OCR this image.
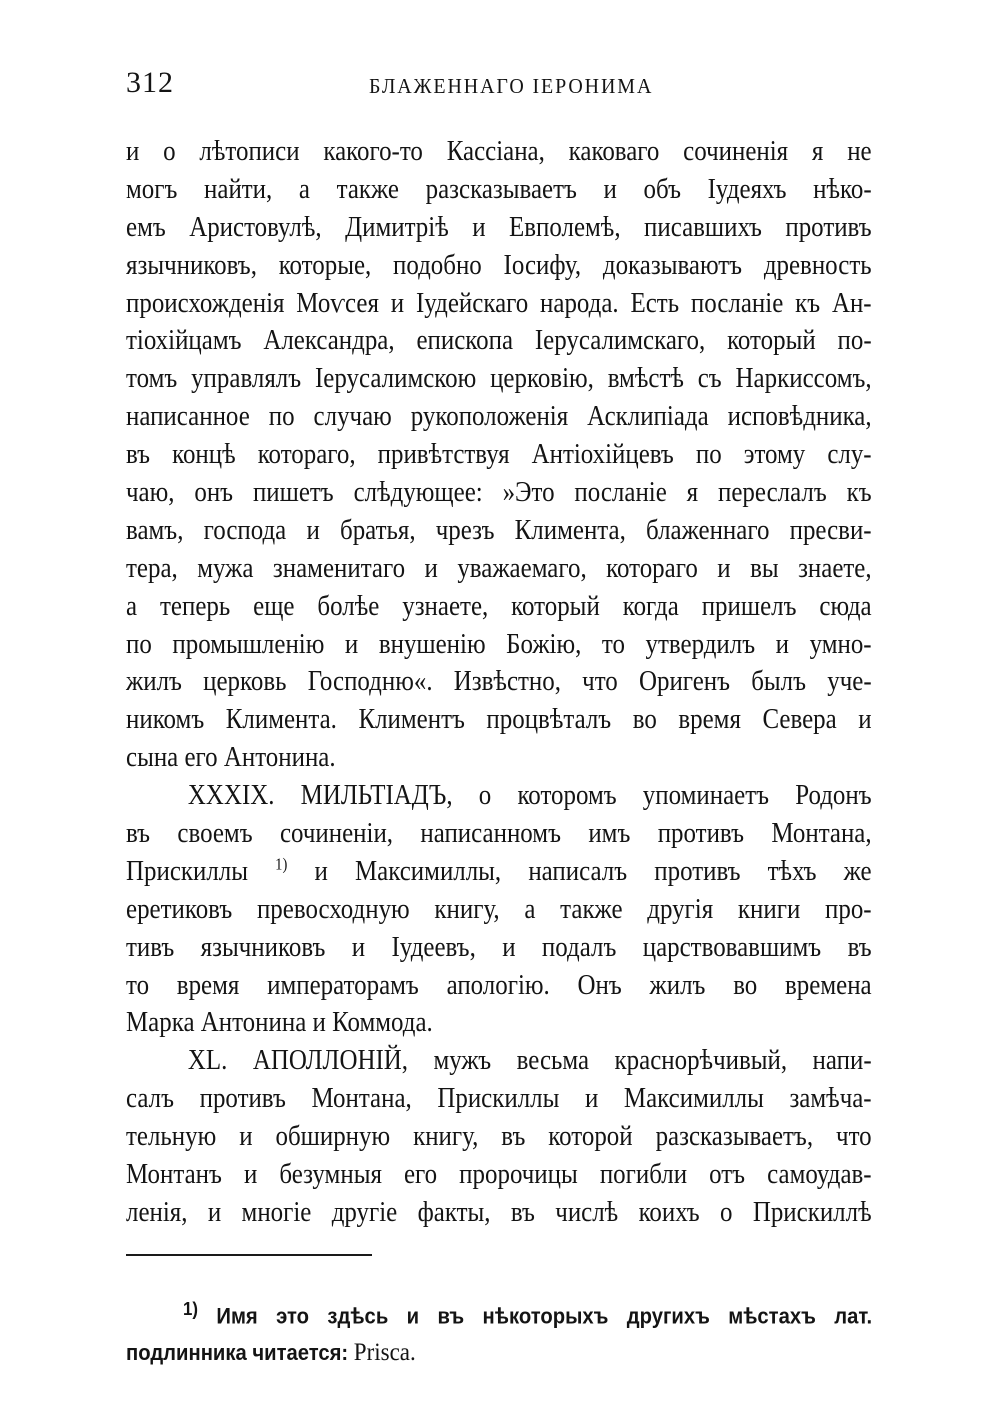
312	БЛАЖЕННАГО ІЕРОНИМА
и о лѣтописи какого-то Кассіана, каковаго сочиненія я не
могъ найти, а также разсказываетъ и объ Іудеяхъ нѣко-
емъ Аристовулѣ, Димитріѣ и Евполемѣ, писавшихъ противъ
язычниковъ, которые, подобно Іосифу, доказываютъ древность
происхожденія Моѵсея и Іудейскаго народа. Есть посланіе къ Ан-
тіохійцамъ Александра, епископа Іерусалимскаго, который по-
томъ управлялъ Іерусалимскою церковію, вмѣстѣ съ Наркиссомъ,
написанное по случаю рукоположенія Асклипіада исповѣдника,
въ концѣ котораго, привѣтствуя Антіохійцевъ по этому слу-
чаю, онъ пишетъ слѣдующее: »Это посланіе я переслалъ къ
вамъ, господа и братья, чрезъ Климента, блаженнаго пресви-
тера, мужа знаменитаго и уважаемаго, котораго и вы знаете,
а теперь еще болѣе узнаете, который когда пришелъ сюда
по промышленію и внушенію Божію, то утвердилъ и умно-
жилъ церковь Господню«. Извѣстно, что Оригенъ былъ уче-
никомъ Климента. Климентъ процвѣталъ во время Севера и
сына его Антонина.
XXXIX. МИЛЬТІАДЪ, о которомъ упоминаетъ Родонъ
въ своемъ сочиненіи, написанномъ имъ противъ Монтана,
Прискиллы $^{1)}$ и Максимиллы, написалъ противъ тѣхъ же
еретиковъ превосходную книгу, а также другія книги про-
тивъ язычниковъ и Іудеевъ, и подалъ царствовавшимъ въ
то время императорамъ апологію. Онъ жилъ во времена
Марка Антонина и Коммода.
XL. АПОЛЛОНІЙ, мужъ весьма краснорѣчивый, напи-
салъ противъ Монтана, Прискиллы и Максимиллы замѣча-
тельную и обширную книгу, въ которой разсказываетъ, что
Монтанъ и безумныя его пророчицы погибли отъ самоудав-
ленія, и многіе другіе факты, въ числѣ коихъ о Прискиллѣ
$^{1)}$ Имя это здѣсь и въ нѣкоторыхъ другихъ мѣстахъ лат.
подлинника читается: Prisca.
